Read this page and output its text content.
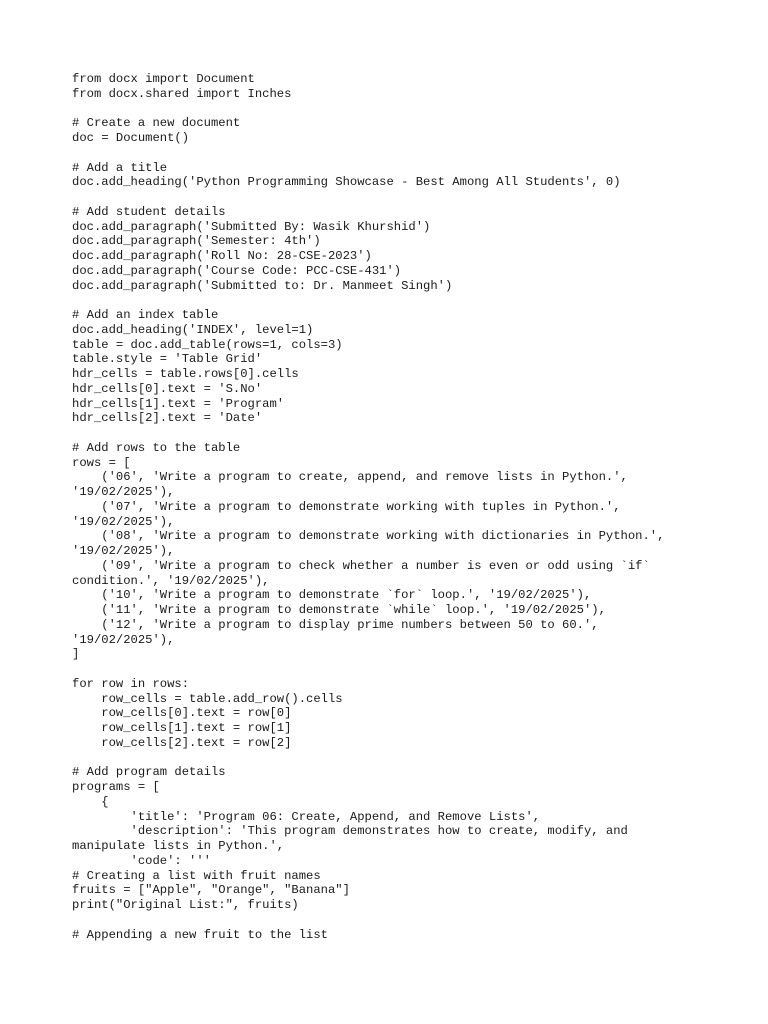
from docx import Document
from docx.shared import Inches
# Create a new document
doc = Document()
# Add a title
doc.add_heading('Python Programming Showcase - Best Among All Students', 0)
# Add student details
doc.add_paragraph('Submitted By: Wasik Khurshid')
doc.add_paragraph('Semester: 4th')
doc.add_paragraph('Roll No: 28-CSE-2023')
doc.add_paragraph('Course Code: PCC-CSE-431')
doc.add_paragraph('Submitted to: Dr. Manmeet Singh')
# Add an index table
doc.add_heading('INDEX', level=1)
table = doc.add_table(rows=1, cols=3)
table.style = 'Table Grid'
hdr_cells = table.rows[0].cells
hdr_cells[0].text = 'S.No'
hdr_cells[1].text = 'Program'
hdr_cells[2].text = 'Date'
# Add rows to the table
rows = [
('06', 'Write a program to create, append, and remove lists in Python.',
'19/02/2025'),
('07', 'Write a program to demonstrate working with tuples in Python.',
'19/02/2025'),
('08', 'Write a program to demonstrate working with dictionaries in Python.',
'19/02/2025'),
('09', 'Write a program to check whether a number is even or odd using `if`
condition.', '19/02/2025'),
('10', 'Write a program to demonstrate `for` loop.', '19/02/2025'),
('11', 'Write a program to demonstrate `while` loop.', '19/02/2025'),
('12', 'Write a program to display prime numbers between 50 to 60.',
'19/02/2025'),
]
for row in rows:
row_cells = table.add_row().cells
row_cells[0].text = row[0]
row_cells[1].text = row[1]
row_cells[2].text = row[2]
# Add program details
programs = [
{
'title': 'Program 06: Create, Append, and Remove Lists',
'description': 'This program demonstrates how to create, modify, and
manipulate lists in Python.',
'code': '''
# Creating a list with fruit names
fruits = ["Apple", "Orange", "Banana"]
print("Original List:", fruits)
# Appending a new fruit to the list
